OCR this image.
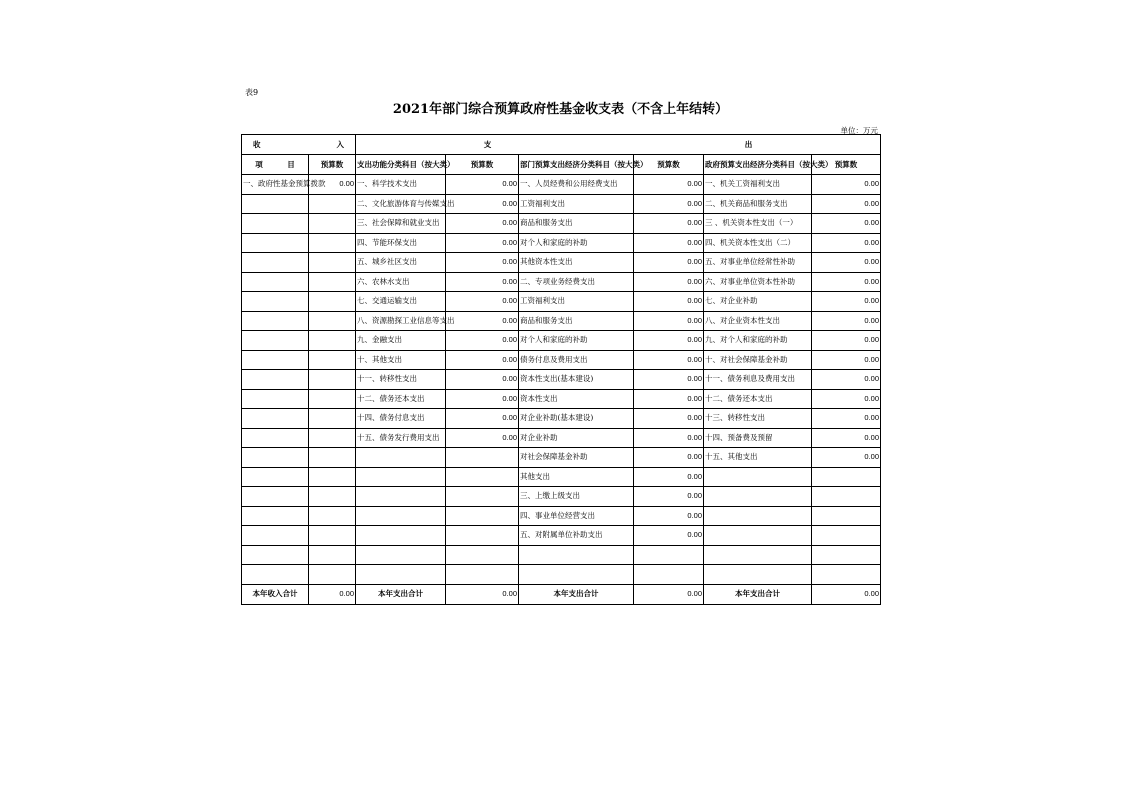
表9
2021年部门综合预算政府性基金收支表（不含上年结转）
单位：万元
收 入		支 出					

项 目	预算数	支出功能分类科目（按大类）	预算数	部门预算支出经济分类科目（按大类）	预算数	政府预算支出经济分类科目（按大类）	预算数
一、政府性基金预算拨款	0.00	一、科学技术支出	0.00	一、人员经费和公用经费支出	0.00	一、机关工资福利支出	0.00
		二、文化旅游体育与传媒支出	0.00	工资福利支出	0.00	二、机关商品和服务支出	0.00
		三、社会保障和就业支出	0.00	商品和服务支出	0.00	三 、机关资本性支出（一）	0.00
		四、节能环保支出	0.00	对个人和家庭的补助	0.00	四、机关资本性支出（二）	0.00
		五、城乡社区支出	0.00	其他资本性支出	0.00	五、对事业单位经常性补助	0.00
		六、农林水支出	0.00	二、专项业务经费支出	0.00	六、对事业单位资本性补助	0.00
		七、交通运输支出	0.00	工资福利支出	0.00	七、对企业补助	0.00
		八、资源勘探工业信息等支出	0.00	商品和服务支出	0.00	八、对企业资本性支出	0.00
		九、金融支出	0.00	对个人和家庭的补助	0.00	九、对个人和家庭的补助	0.00
		十、其他支出	0.00	债务付息及费用支出	0.00	十、对社会保障基金补助	0.00
		十一、转移性支出	0.00	资本性支出(基本建设)	0.00	十一、债务利息及费用支出	0.00
		十二、债务还本支出	0.00	资本性支出	0.00	十二、债务还本支出	0.00
		十四、债务付息支出	0.00	对企业补助(基本建设)	0.00	十三、转移性支出	0.00
		十五、债务发行费用支出	0.00	对企业补助	0.00	十四、预备费及预留	0.00
				对社会保障基金补助	0.00	十五、其他支出	0.00
				其他支出	0.00		
				三、上缴上级支出	0.00		
				四、事业单位经营支出	0.00		
				五、对附属单位补助支出	0.00		

本年收入合计	0.00	本年支出合计	0.00	本年支出合计	0.00	本年支出合计	0.00
